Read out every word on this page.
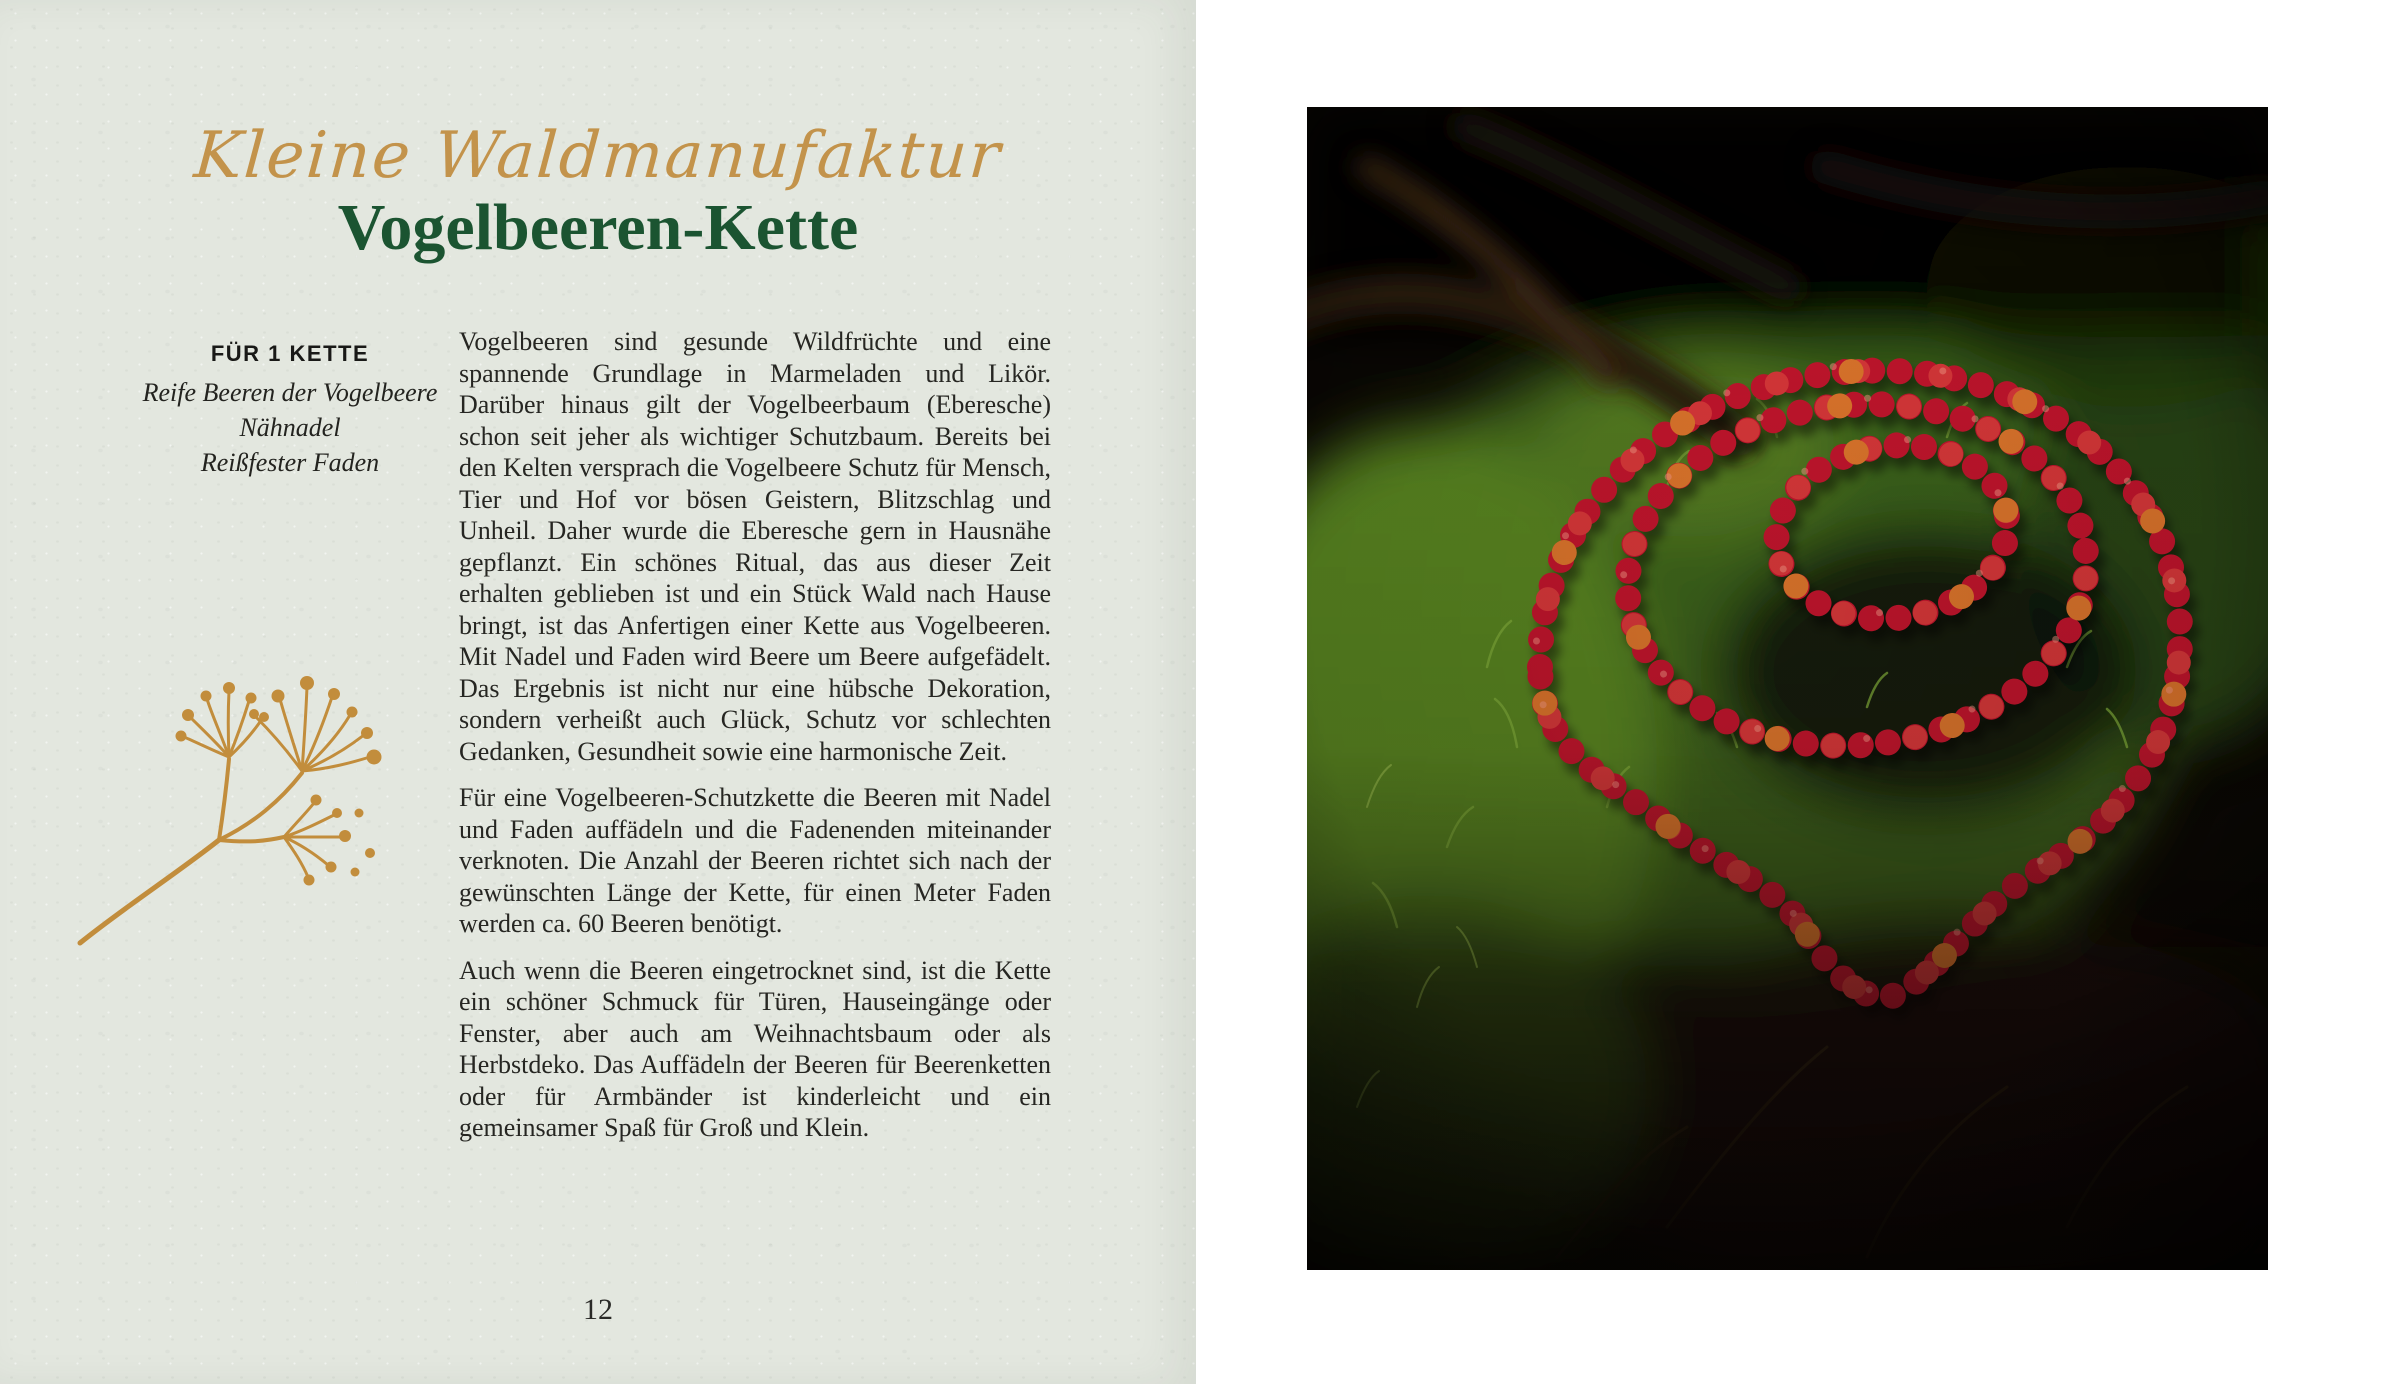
Kleine Waldmanufaktur
Vogelbeeren-Kette
FÜR 1 KETTE
Reife Beeren der Vogelbeere
Nähnadel
Reißfester Faden

Vogelbeeren sind gesunde Wildfrüchte und eine spannende Grundlage in Marmeladen und Likör. Darüber hinaus gilt der Vogelbeerbaum (Eberesche) schon seit jeher als wichtiger Schutzbaum. Bereits bei den Kelten versprach die Vogelbeere Schutz für Mensch, Tier und Hof vor bösen Geistern, Blitzschlag und Unheil. Daher wurde die Eberesche gern in Hausnähe gepflanzt. Ein schönes Ritual, das aus dieser Zeit erhalten geblieben ist und ein Stück Wald nach Hause bringt, ist das Anfertigen einer Kette aus Vogelbeeren. Mit Nadel und Faden wird Beere um Beere aufgefädelt. Das Ergebnis ist nicht nur eine hübsche Dekoration, sondern verheißt auch Glück, Schutz vor schlechten Gedanken, Gesundheit sowie eine harmonische Zeit.

Für eine Vogelbeeren-Schutzkette die Beeren mit Nadel und Faden auffädeln und die Fadenenden miteinander verknoten. Die Anzahl der Beeren richtet sich nach der gewünschten Länge der Kette, für einen Meter Faden werden ca. 60 Beeren benötigt.

Auch wenn die Beeren eingetrocknet sind, ist die Kette ein schöner Schmuck für Türen, Hauseingänge oder Fenster, aber auch am Weihnachtsbaum oder als Herbstdeko. Das Auffädeln der Beeren für Beerenketten oder für Armbänder ist kinderleicht und ein gemeinsamer Spaß für Groß und Klein.

12
